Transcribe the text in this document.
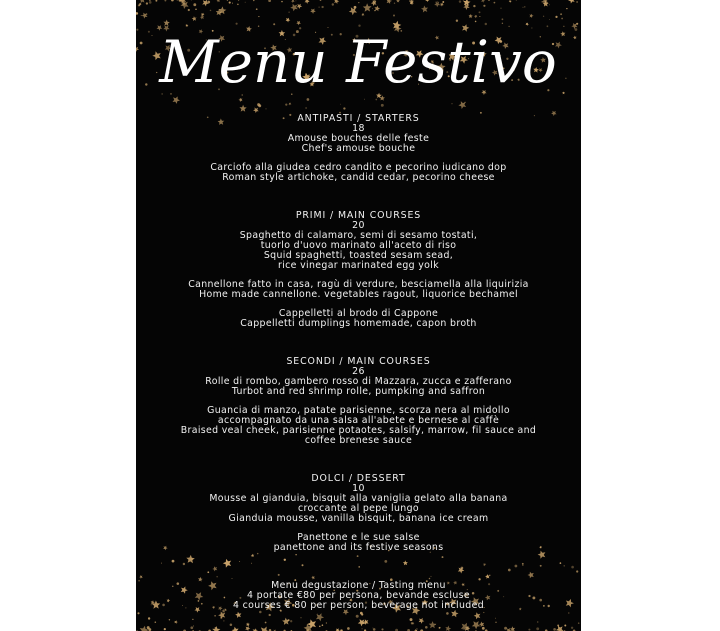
Menu Festivo
ANTIPASTI / STARTERS
18
Amouse bouches delle feste
Chef's amouse bouche
Carciofo alla giudea cedro candito e pecorino iudicano dop
Roman style artichoke, candid cedar, pecorino cheese
PRIMI / MAIN COURSES
20
Spaghetto di calamaro, semi di sesamo tostati,
tuorlo d'uovo marinato all'aceto di riso
Squid spaghetti, toasted sesam sead,
rice vinegar marinated egg yolk
Cannellone fatto in casa, ragù di verdure, besciamella alla liquirizia
Home made cannellone. vegetables ragout, liquorice bechamel
Cappelletti al brodo di Cappone
Cappelletti dumplings homemade, capon broth
SECONDI / MAIN COURSES
26
Rolle di rombo, gambero rosso di Mazzara, zucca e zafferano
Turbot and red shrimp rolle, pumpking and saffron
Guancia di manzo, patate parisienne, scorza nera al midollo
accompagnato da una salsa all'abete e bernese al caffè
Braised veal cheek, parisienne potaotes, salsify, marrow, fil sauce and
coffee brenese sauce
DOLCI / DESSERT
10
Mousse al gianduia, bisquit alla vaniglia gelato alla banana
croccante al pepe lungo
Gianduia mousse, vanilla bisquit, banana ice cream
Panettone e le sue salse
panettone and its festive seasons
Menu degustazione / Tasting menu
4 portate €80 per persona, bevande escluse
4 courses € 80 per person, beverage not included
